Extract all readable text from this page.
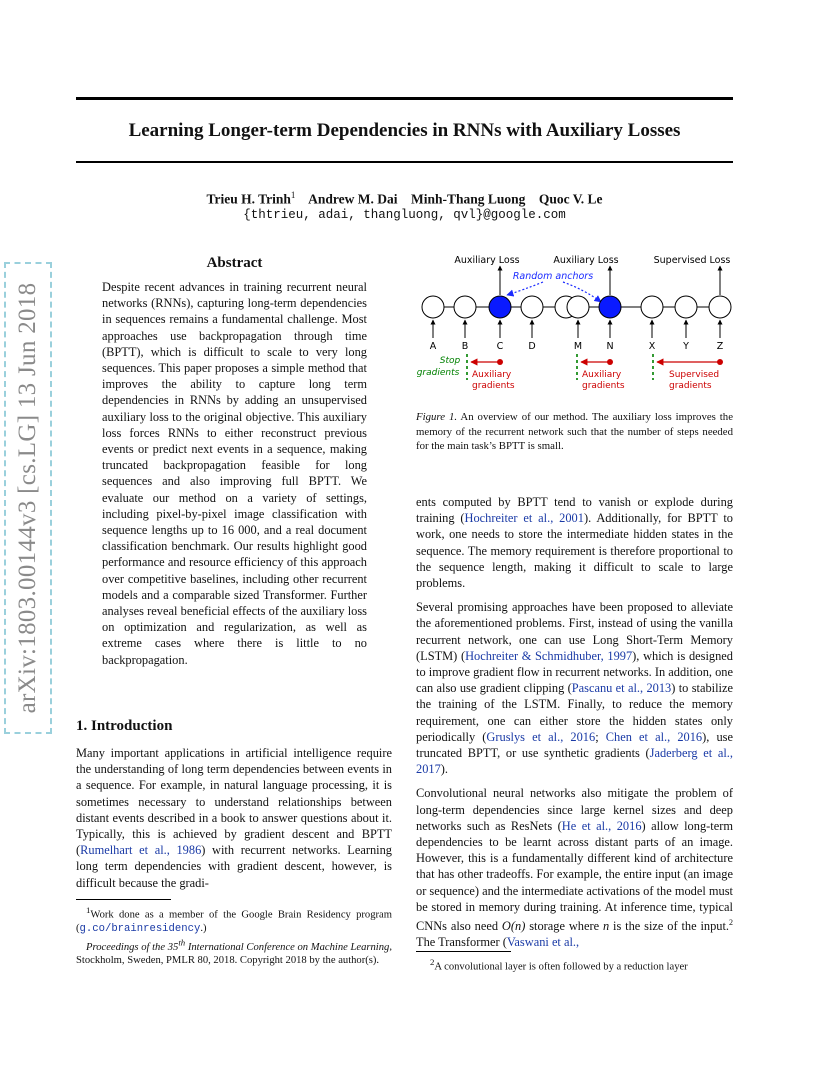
Learning Longer-term Dependencies in RNNs with Auxiliary Losses
Trieu H. Trinh$^1$ Andrew M. Dai Minh-Thang Luong Quoc V. Le
{thtrieu, adai, thangluong, qvl}@google.com
arXiv:1803.00144v3 [cs.LG] 13 Jun 2018
Abstract
Despite recent advances in training recurrent neural networks (RNNs), capturing long-term dependencies in sequences remains a fundamental challenge. Most approaches use backpropagation through time (BPTT), which is difficult to scale to very long sequences. This paper proposes a simple method that improves the ability to capture long term dependencies in RNNs by adding an unsupervised auxiliary loss to the original objective. This auxiliary loss forces RNNs to either reconstruct previous events or predict next events in a sequence, making truncated backpropagation feasible for long sequences and also improving full BPTT. We evaluate our method on a variety of settings, including pixel-by-pixel image classification with sequence lengths up to 16 000, and a real document classification benchmark. Our results highlight good performance and resource efficiency of this approach over competitive baselines, including other recurrent models and a comparable sized Transformer. Further analyses reveal beneficial effects of the auxiliary loss on optimization and regularization, as well as extreme cases where there is little to no backpropagation.
1. Introduction
Many important applications in artificial intelligence require the understanding of long term dependencies between events in a sequence. For example, in natural language processing, it is sometimes necessary to understand relationships between distant events described in a book to answer questions about it. Typically, this is achieved by gradient descent and BPTT (Rumelhart et al., 1986) with recurrent networks. Learning long term dependencies with gradient descent, however, is difficult because the gradi-

$^1$Work done as a member of the Google Brain Residency program (g.co/brainresidency.)

Proceedings of the 35th International Conference on Machine Learning, Stockholm, Sweden, PMLR 80, 2018. Copyright 2018 by the author(s).

Auxiliary Loss	Auxiliary Loss	Supervised Loss
Random anchors
A	B	C	D	M	N	X	Y	Z
Stop
gradients Auxiliary
gradients
Auxiliary
gradients
Supervised
gradients
Figure 1. An overview of our method. The auxiliary loss improves the memory of the recurrent network such that the number of steps needed for the main task’s BPTT is small.

ents computed by BPTT tend to vanish or explode during training (Hochreiter et al., 2001). Additionally, for BPTT to work, one needs to store the intermediate hidden states in the sequence. The memory requirement is therefore proportional to the sequence length, making it difficult to scale to large problems.

Several promising approaches have been proposed to alleviate the aforementioned problems. First, instead of using the vanilla recurrent network, one can use Long Short-Term Memory (LSTM) (Hochreiter & Schmidhuber, 1997), which is designed to improve gradient flow in recurrent networks. In addition, one can also use gradient clipping (Pascanu et al., 2013) to stabilize the training of the LSTM. Finally, to reduce the memory requirement, one can either store the hidden states only periodically (Gruslys et al., 2016; Chen et al., 2016), use truncated BPTT, or use synthetic gradients (Jaderberg et al., 2017).

Convolutional neural networks also mitigate the problem of long-term dependencies since large kernel sizes and deep networks such as ResNets (He et al., 2016) allow long-term dependencies to be learnt across distant parts of an image. However, this is a fundamentally different kind of architecture that has other tradeoffs. For example, the entire input (an image or sequence) and the intermediate activations of the model must be stored in memory during training. At inference time, typical CNNs also need O(n) storage where n is the size of the input.$^2$ The Transformer (Vaswani et al.,

$^2$A convolutional layer is often followed by a reduction layer
